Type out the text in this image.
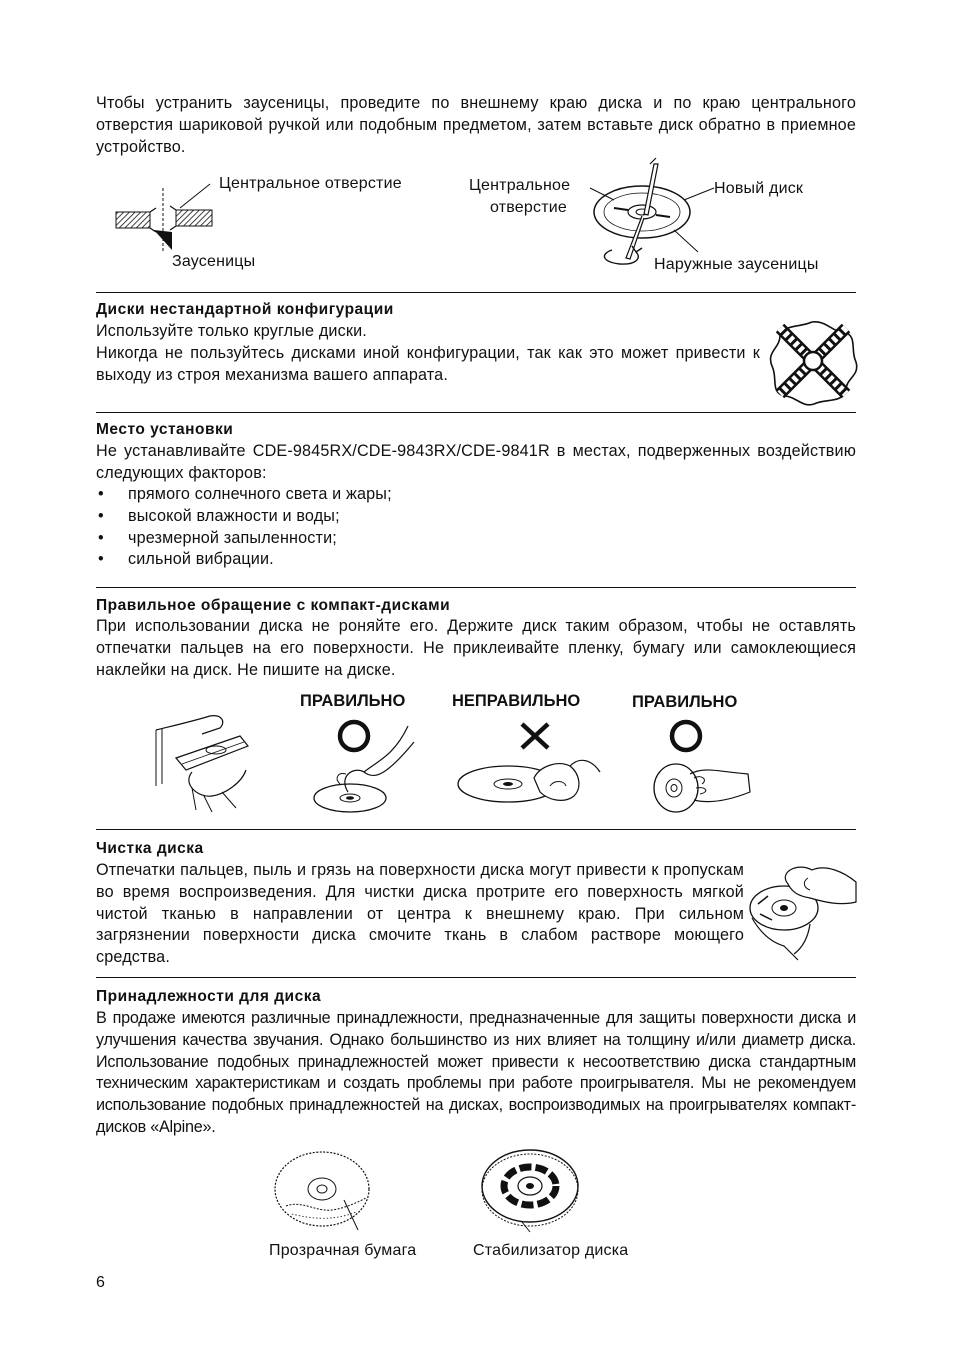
Чтобы устранить заусеницы, проведите по внешнему краю диска и по краю центрального отверстия шариковой ручкой или подобным предметом, затем вставьте диск обратно в приемное устройство.
Центральное отверстие
Заусеницы
Центральное
отверстие
Новый диск
Наружные заусеницы
Диски нестандартной конфигурации
Используйте только круглые диски.
Никогда не пользуйтесь дисками иной конфигурации, так как это может привести к выходу из строя механизма вашего аппарата.
Место установки
Не устанавливайте CDE-9845RX/CDE-9843RX/CDE-9841R в местах, подверженных воздействию следующих факторов:
• прямого солнечного света и жары;
• высокой влажности и воды;
• чрезмерной запыленности;
• сильной вибрации.
Правильное обращение с компакт-дисками
При использовании диска не роняйте его. Держите диск таким образом, чтобы не оставлять отпечатки пальцев на его поверхности. Не приклеивайте пленку, бумагу или самоклеющиеся наклейки на диск. Не пишите на диске.
ПРАВИЛЬНО	НЕПРАВИЛЬНО	ПРАВИЛЬНО
Чистка диска
Отпечатки пальцев, пыль и грязь на поверхности диска могут привести к пропускам во время воспроизведения. Для чистки диска протрите его поверхность мягкой чистой тканью в направлении от центра к внешнему краю. При сильном загрязнении поверхности диска смочите ткань в слабом растворе моющего средства.
Принадлежности для диска
В продаже имеются различные принадлежности, предназначенные для защиты поверхности диска и улучшения качества звучания. Однако большинство из них влияет на толщину и/или диаметр диска. Использование подобных принадлежностей может привести к несоответствию диска стандартным техническим характеристикам и создать проблемы при работе проигрывателя. Мы не рекомендуем использование подобных принадлежностей на дисках, воспроизводимых на проигрывателях компакт-дисков «Alpine».
Прозрачная бумага	Стабилизатор диска
6
